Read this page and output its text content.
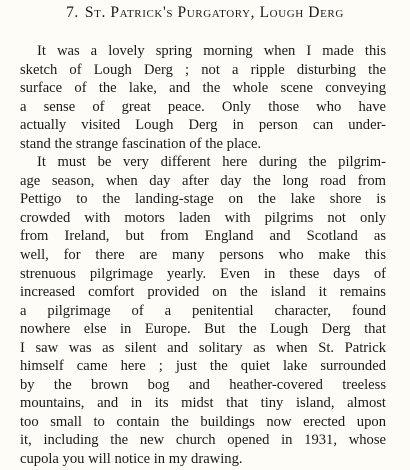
7. St. Patrick's Purgatory, Lough Derg
It was a lovely spring morning when I made this
sketch of Lough Derg ; not a ripple disturbing the
surface of the lake, and the whole scene conveying
a sense of great peace. Only those who have
actually visited Lough Derg in person can under-
stand the strange fascination of the place.
It must be very different here during the pilgrim-
age season, when day after day the long road from
Pettigo to the landing-stage on the lake shore is
crowded with motors laden with pilgrims not only
from Ireland, but from England and Scotland as
well, for there are many persons who make this
strenuous pilgrimage yearly. Even in these days of
increased comfort provided on the island it remains
a pilgrimage of a penitential character, found
nowhere else in Europe. But the Lough Derg that
I saw was as silent and solitary as when St. Patrick
himself came here ; just the quiet lake surrounded
by the brown bog and heather-covered treeless
mountains, and in its midst that tiny island, almost
too small to contain the buildings now erected upon
it, including the new church opened in 1931, whose
cupola you will notice in my drawing.
